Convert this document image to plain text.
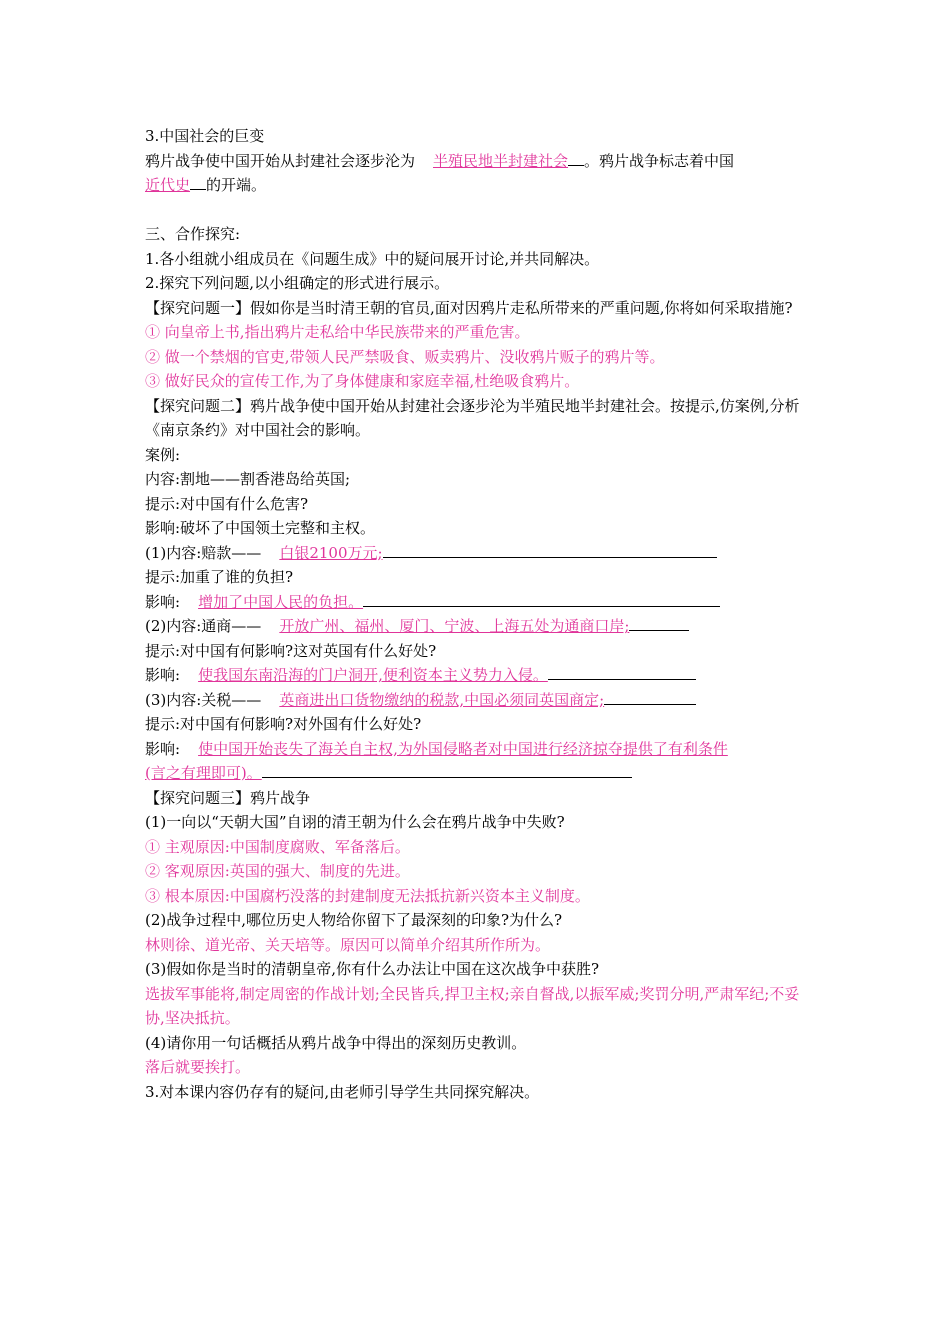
3.中国社会的巨变
鸦片战争使中国开始从封建社会逐步沦为 半殖民地半封建社会 。鸦片战争标志着中国
近代史 的开端。
三、合作探究:
1.各小组就小组成员在《问题生成》中的疑问展开讨论,并共同解决。
2.探究下列问题,以小组确定的形式进行展示。
【探究问题一】假如你是当时清王朝的官员,面对因鸦片走私所带来的严重问题,你将如何采取措施?
① 向皇帝上书,指出鸦片走私给中华民族带来的严重危害。
② 做一个禁烟的官吏,带领人民严禁吸食、贩卖鸦片、没收鸦片贩子的鸦片等。
③ 做好民众的宣传工作,为了身体健康和家庭幸福,杜绝吸食鸦片。
【探究问题二】鸦片战争使中国开始从封建社会逐步沦为半殖民地半封建社会。按提示,仿案例,分析《南京条约》对中国社会的影响。
案例:
内容:割地——割香港岛给英国;
提示:对中国有什么危害?
影响:破坏了中国领土完整和主权。
(1)内容:赔款—— 白银2100万元;
提示:加重了谁的负担?
影响: 增加了中国人民的负担。
(2)内容:通商—— 开放广州、福州、厦门、宁波、上海五处为通商口岸;
提示:对中国有何影响?这对英国有什么好处?
影响: 使我国东南沿海的门户洞开,便利资本主义势力入侵。
(3)内容:关税—— 英商进出口货物缴纳的税款,中国必须同英国商定;
提示:对中国有何影响?对外国有什么好处?
影响: 使中国开始丧失了海关自主权,为外国侵略者对中国进行经济掠夺提供了有利条件
(言之有理即可)。
【探究问题三】鸦片战争
(1)一向以“天朝大国”自诩的清王朝为什么会在鸦片战争中失败?
① 主观原因:中国制度腐败、军备落后。
② 客观原因:英国的强大、制度的先进。
③ 根本原因:中国腐朽没落的封建制度无法抵抗新兴资本主义制度。
(2)战争过程中,哪位历史人物给你留下了最深刻的印象?为什么?
林则徐、道光帝、关天培等。原因可以简单介绍其所作所为。
(3)假如你是当时的清朝皇帝,你有什么办法让中国在这次战争中获胜?
选拔军事能将,制定周密的作战计划;全民皆兵,捍卫主权;亲自督战,以振军威;奖罚分明,严肃军纪;不妥协,坚决抵抗。
(4)请你用一句话概括从鸦片战争中得出的深刻历史教训。
落后就要挨打。
3.对本课内容仍存有的疑问,由老师引导学生共同探究解决。
